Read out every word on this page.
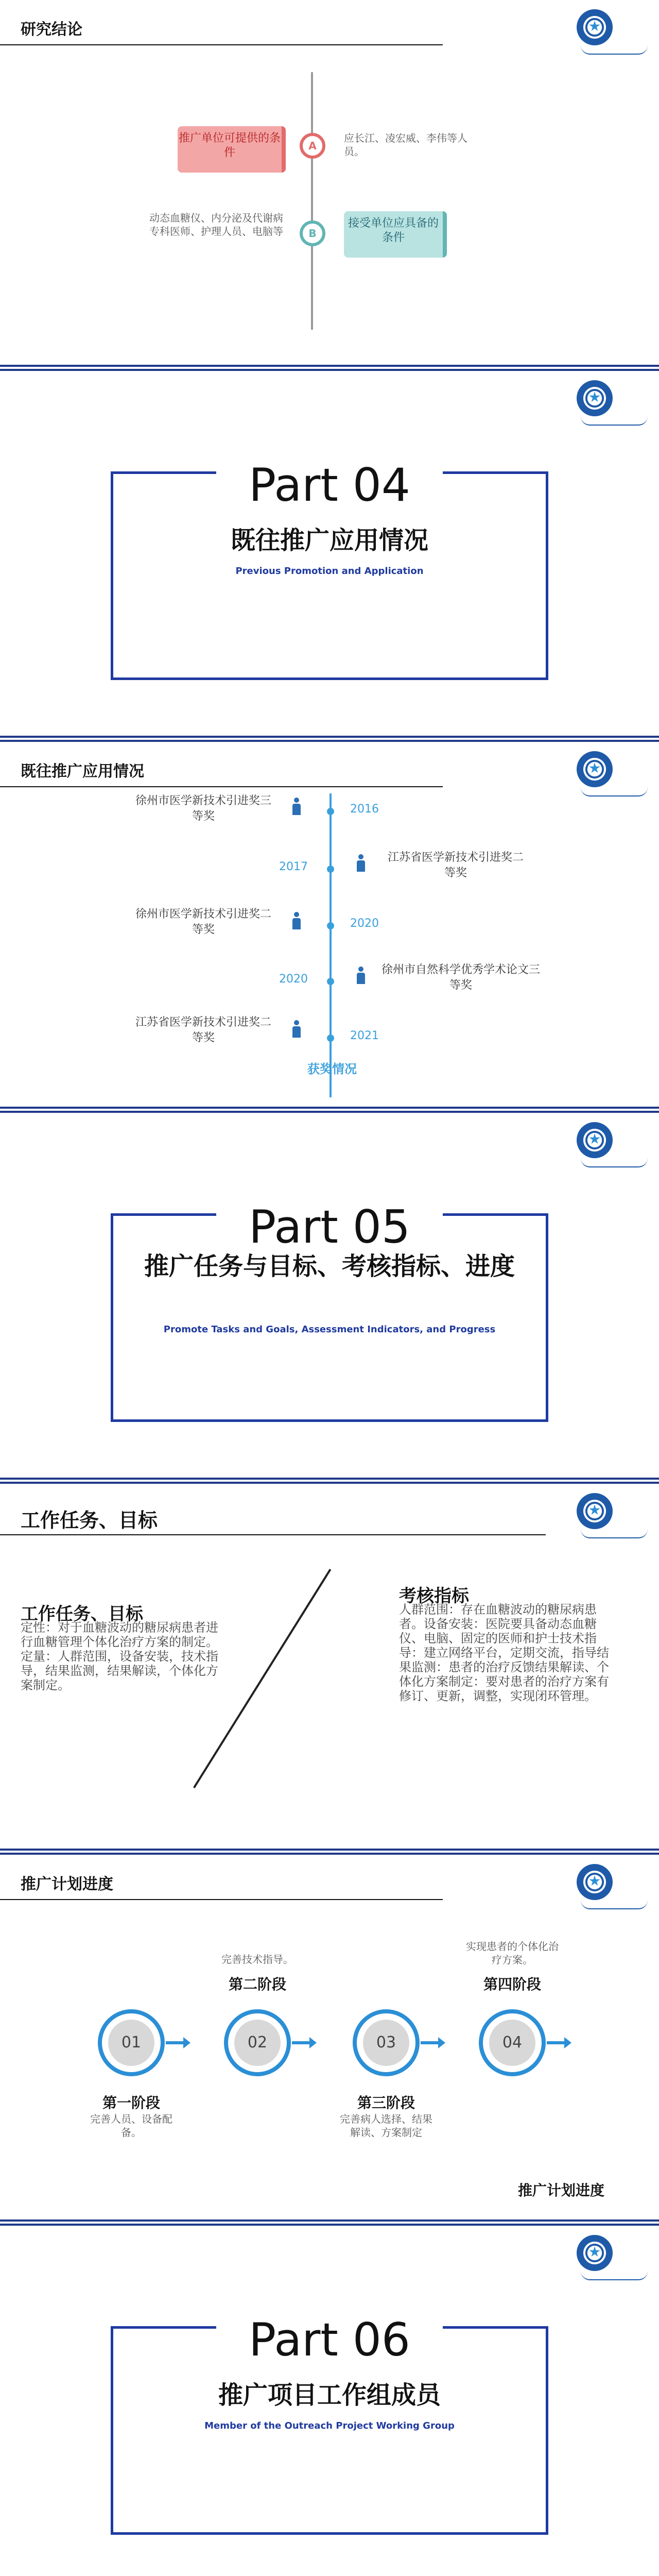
研究结论
推广单位可提供的条件
A
应长江、凌宏威、李伟等人员。
动态血糖仪、内分泌及代谢病专科医师、护理人员、电脑等	B
接受单位应具备的条件
Part 04
既往推广应用情况
Previous Promotion and Application
既往推广应用情况
徐州市医学新技术引进奖三等奖
2016
2017
江苏省医学新技术引进奖二等奖
徐州市医学新技术引进奖二等奖	2020
2020
徐州市自然科学优秀学术论文三等奖
江苏省医学新技术引进奖二等奖	2021
获奖情况
Part 05
推广任务与目标、考核指标、进度
Promote Tasks and Goals, Assessment Indicators, and Progress
工作任务、目标
工作任务、目标
定性：对于血糖波动的糖尿病患者进行血糖管理个体化治疗方案的制定。定量：人群范围，设备安装，技术指导，结果监测，结果解读，个体化方案制定。
考核指标
人群范围：存在血糖波动的糖尿病患者。设备安装：医院要具备动态血糖仪、电脑、固定的医师和护士技术指导：建立网络平台，定期交流，指导结果监测：患者的治疗反馈结果解读、个体化方案制定：要对患者的治疗方案有修订、更新，调整，实现闭环管理。
推广计划进度
完善技术指导。
第二阶段
实现患者的个体化治疗方案。
第四阶段
01	02	03	04
第一阶段
完善人员、设备配备。
第三阶段
完善病人选择、结果解读、方案制定
推广计划进度
Part 06
推广项目工作组成员
Member of the Outreach Project Working Group
